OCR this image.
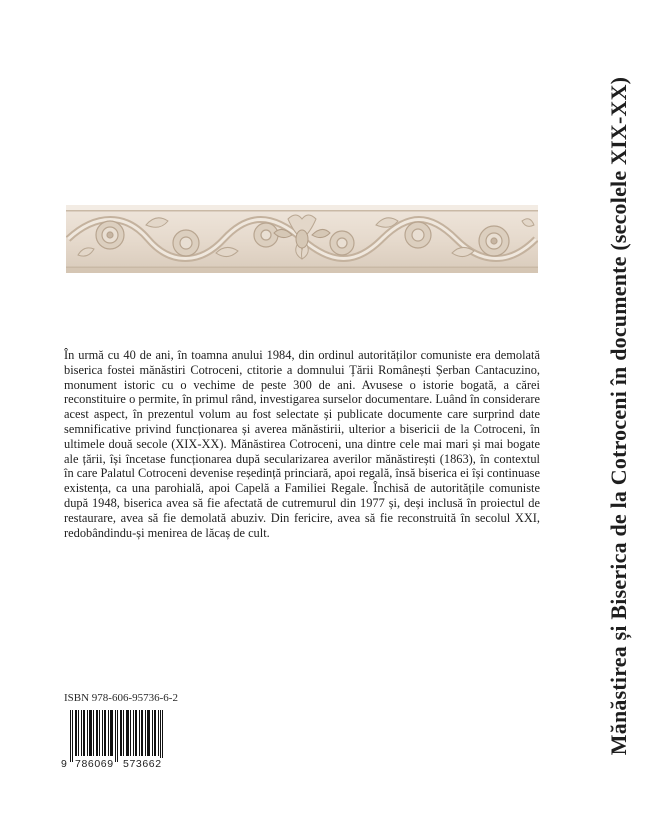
În urmă cu 40 de ani, în toamna anului 1984, din ordinul autorităților comuniste era demolată biserica fostei mănăstiri Cotroceni, ctitorie a domnului Țării Românești Șerban Cantacuzino, monument istoric cu o vechime de peste 300 de ani. Avusese o istorie bogată, a cărei reconstituire o permite, în primul rând, investigarea surselor documentare. Luând în considerare acest aspect, în prezentul volum au fost selectate și publicate documente care surprind date semnificative privind funcționarea și averea mănăstirii, ulterior a bisericii de la Cotroceni, în ultimele două secole (XIX-XX). Mănăstirea Cotroceni, una dintre cele mai mari și mai bogate ale țării, își încetase funcționarea după secularizarea averilor mănăstirești (1863), în contextul în care Palatul Cotroceni devenise reședință princiară, apoi regală, însă biserica ei își continuase existența, ca una parohială, apoi Capelă a Familiei Regale. Închisă de autoritățile comuniste după 1948, biserica avea să fie afectată de cutremurul din 1977 și, deși inclusă în proiectul de restaurare, avea să fie demolată abuziv. Din fericire, avea să fie reconstruită în secolul XXI, redobândindu-și menirea de lăcaș de cult.

ISBN 978-606-95736-6-2

9 786069 573662
Mănăstirea și Biserica de la Cotroceni în documente (secolele XIX-XX)
